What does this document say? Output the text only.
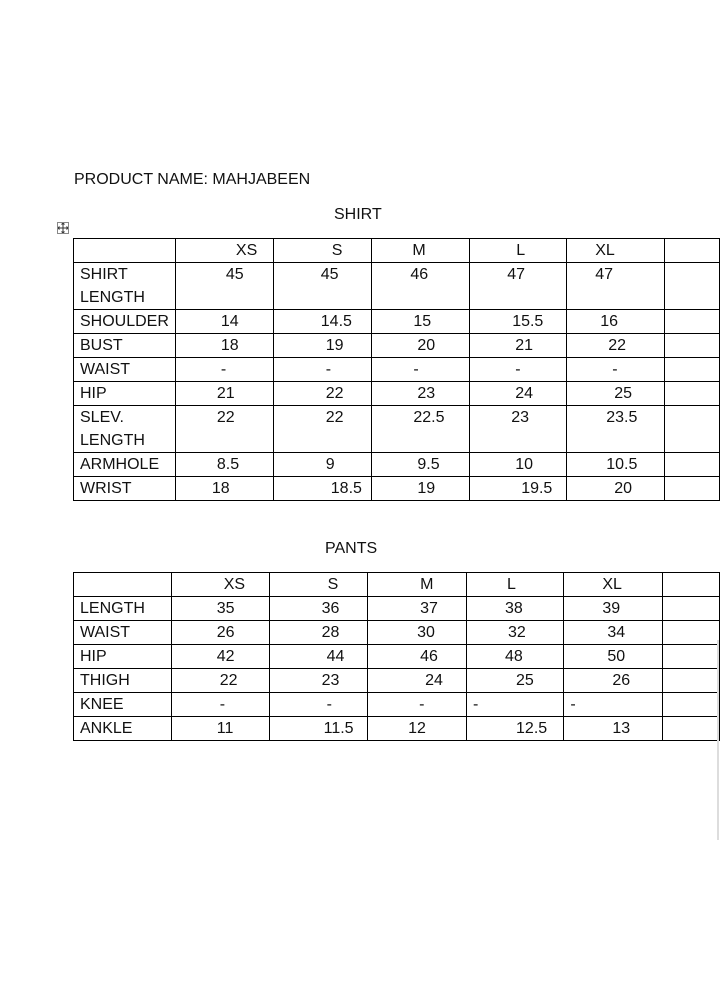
PRODUCT NAME: MAHJABEEN
SHIRT
	XS	S	M	L	XL	
SHIRT LENGTH	45	45	46	47	47	
SHOULDER	14	14.5	15	15.5	16	
BUST	18	19	20	21	22	
WAIST	-	-	-	-	-	
HIP	21	22	23	24	25	
SLEV. LENGTH	22	22	22.5	23	23.5	
ARMHOLE	8.5	9	9.5	10	10.5	
WRIST	18	18.5	19	19.5	20	
PANTS
	XS	S	M	L	XL	
LENGTH	35	36	37	38	39	
WAIST	26	28	30	32	34	
HIP	42	44	46	48	50	
THIGH	22	23	24	25	26	
KNEE	-	-	-	-	-	
ANKLE	11	11.5	12	12.5	13	
